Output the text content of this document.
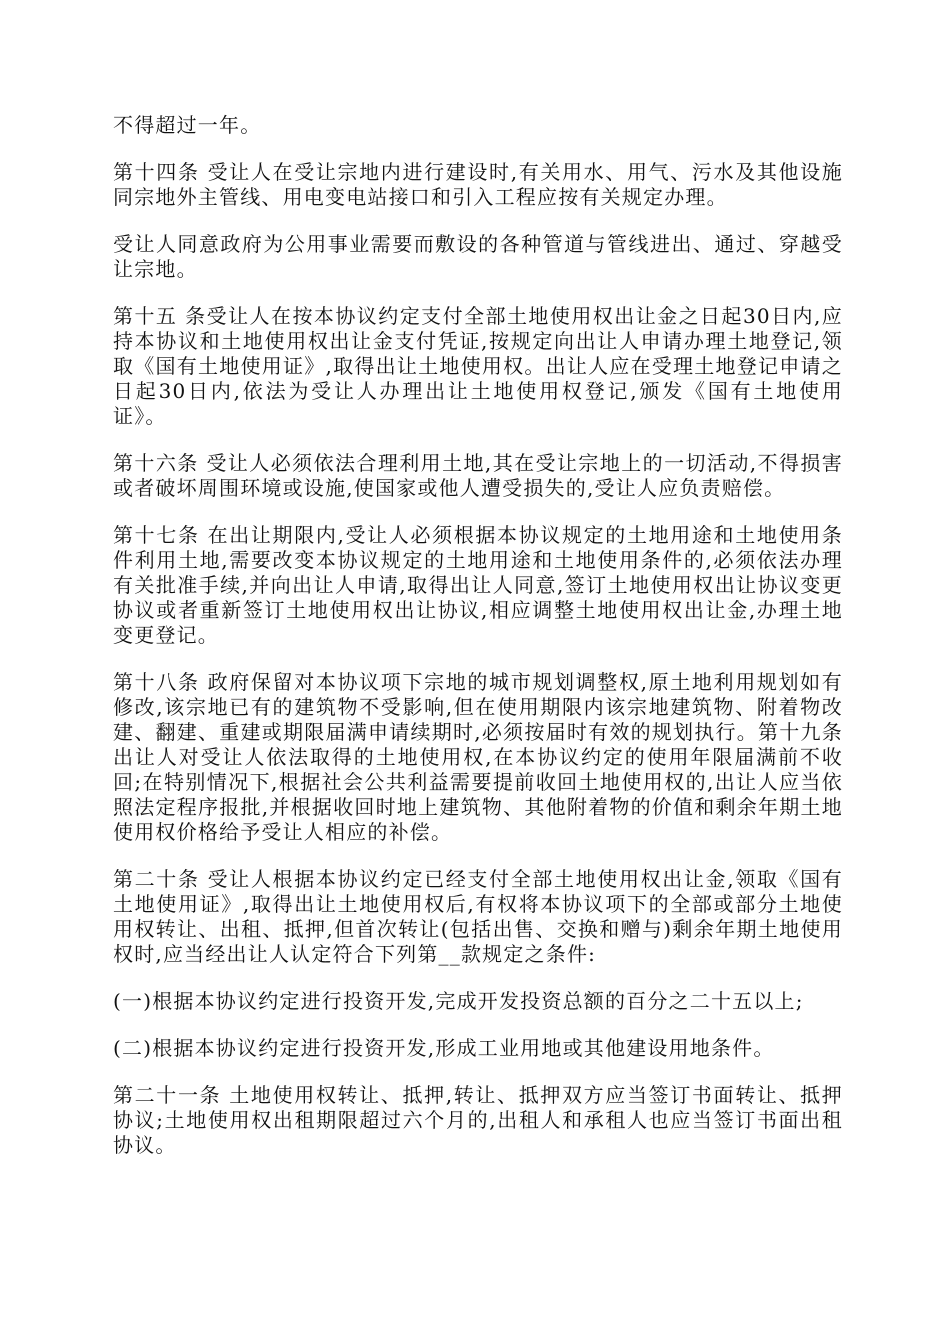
不得超过一年。

第十四条 受让人在受让宗地内进行建设时,有关用水、用气、污水及其他设施同宗地外主管线、用电变电站接口和引入工程应按有关规定办理。

受让人同意政府为公用事业需要而敷设的各种管道与管线进出、通过、穿越受让宗地。

第十五 条受让人在按本协议约定支付全部土地使用权出让金之日起30日内,应持本协议和土地使用权出让金支付凭证,按规定向出让人申请办理土地登记,领取《国有土地使用证》,取得出让土地使用权。出让人应在受理土地登记申请之日起30日内,依法为受让人办理出让土地使用权登记,颁发《国有土地使用证》。

第十六条 受让人必须依法合理利用土地,其在受让宗地上的一切活动,不得损害或者破坏周围环境或设施,使国家或他人遭受损失的,受让人应负责赔偿。

第十七条 在出让期限内,受让人必须根据本协议规定的土地用途和土地使用条件利用土地,需要改变本协议规定的土地用途和土地使用条件的,必须依法办理有关批准手续,并向出让人申请,取得出让人同意,签订土地使用权出让协议变更协议或者重新签订土地使用权出让协议,相应调整土地使用权出让金,办理土地变更登记。

第十八条 政府保留对本协议项下宗地的城市规划调整权,原土地利用规划如有修改,该宗地已有的建筑物不受影响,但在使用期限内该宗地建筑物、附着物改建、翻建、重建或期限届满申请续期时,必须按届时有效的规划执行。第十九条出让人对受让人依法取得的土地使用权,在本协议约定的使用年限届满前不收回;在特别情况下,根据社会公共利益需要提前收回土地使用权的,出让人应当依照法定程序报批,并根据收回时地上建筑物、其他附着物的价值和剩余年期土地使用权价格给予受让人相应的补偿。

第二十条 受让人根据本协议约定已经支付全部土地使用权出让金,领取《国有土地使用证》,取得出让土地使用权后,有权将本协议项下的全部或部分土地使用权转让、出租、抵押,但首次转让(包括出售、交换和赠与)剩余年期土地使用权时,应当经出让人认定符合下列第__款规定之条件:

(一)根据本协议约定进行投资开发,完成开发投资总额的百分之二十五以上;

(二)根据本协议约定进行投资开发,形成工业用地或其他建设用地条件。

第二十一条 土地使用权转让、抵押,转让、抵押双方应当签订书面转让、抵押协议;土地使用权出租期限超过六个月的,出租人和承租人也应当签订书面出租协议。
